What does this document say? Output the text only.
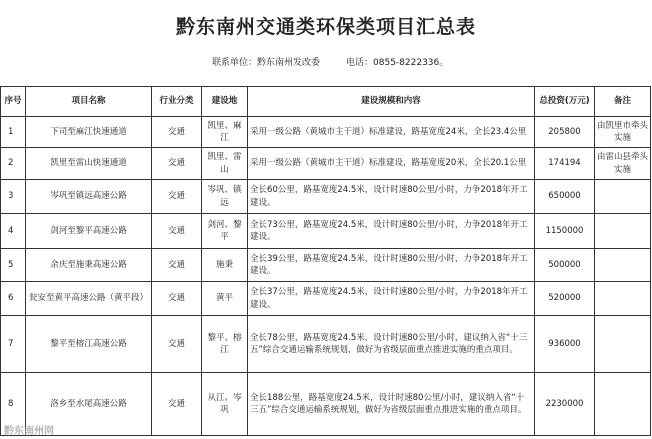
黔东南州交通类环保类项目汇总表
联系单位：黔东南州发改委	电话：0855-8222336。
序号	项目名称	行业分类	建设地	建设规模和内容	总投资(万元)	备注
1	下司至麻江快速通道	交通	凯里、麻江	采用一级公路（黄城市主干道）标准建设，路基宽度24米，全长23.4公里	205800	由凯里市牵头实施
2	凯里至雷山快速通道	交通	凯里、雷山	采用一级公路（黄城市主干道）标准建设，路基宽度20米，全长20.1公里	174194	由雷山县牵头实施
3	岑巩至镇远高速公路	交通	岑巩、镇远	全长60公里，路基宽度24.5米，设计时速80公里/小时，力争2018年开工建设。	650000	
4	剑河至黎平高速公路	交通	剑河、黎平	全长73公里，路基宽度24.5米，设计时速80公里/小时，力争2018年开工建设。	1150000	
5	余庆至施秉高速公路	交通	施秉	全长39公里，路基宽度24.5米，设计时速80公里/小时，力争2018年开工建设。	500000	
6	瓮安至黄平高速公路（黄平段）	交通	黄平	全长37公里，路基宽度24.5米，设计时速80公里/小时，力争2018年开工建设。	520000	
7	黎平至榕江高速公路	交通	黎平、榕江	全长78公里，路基宽度24.5米，设计时速80公里/小时，建议纳入省“十三五”综合交通运输系统规划，做好为省级层面重点推进实施的重点项目。	936000	
8	洛乡至水尾高速公路	交通	从江、岑巩	全长188公里，路基宽度24.5米，设计时速80公里/小时，建议纳入省“十三五”综合交通运输系统规划，做好为省级层面重点推进实施的重点项目。	2230000	
黔东南州网
